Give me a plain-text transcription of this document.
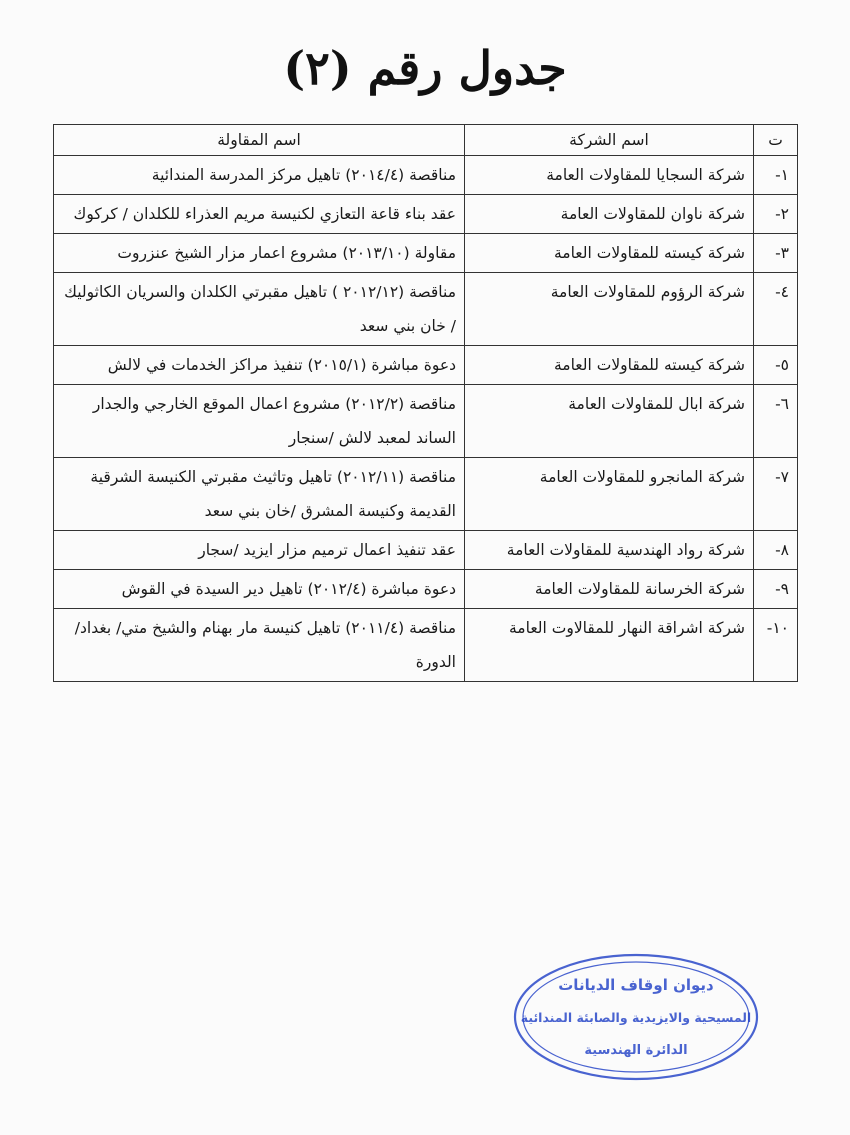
جدول رقم (٢)
ت	اسم الشركة	اسم المقاولة
١-	شركة السجايا للمقاولات العامة	مناقصة (٢٠١٤/٤) تاهيل مركز المدرسة المندائية
٢-	شركة ناوان للمقاولات العامة	عقد بناء قاعة التعازي لكنيسة مريم العذراء للكلدان / كركوك
٣-	شركة كيسته للمقاولات العامة	مقاولة (٢٠١٣/١٠) مشروع اعمار مزار الشيخ عنزروت
٤-	شركة الرؤوم للمقاولات العامة	مناقصة (٢٠١٢/١٢ ) تاهيل مقبرتي الكلدان والسريان الكاثوليك / خان بني سعد
٥-	شركة كيسته للمقاولات العامة	دعوة مباشرة (٢٠١٥/١) تنفيذ مراكز الخدمات في لالش
٦-	شركة ابال للمقاولات العامة	مناقصة (٢٠١٢/٢) مشروع اعمال الموقع الخارجي والجدار الساند لمعبد لالش /سنجار
٧-	شركة المانجرو للمقاولات العامة	مناقصة (٢٠١٢/١١) تاهيل وتاثيث مقبرتي الكنيسة الشرقية القديمة وكنيسة المشرق /خان بني سعد
٨-	شركة رواد الهندسية للمقاولات العامة	عقد تنفيذ اعمال ترميم مزار ايزيد /سجار
٩-	شركة الخرسانة للمقاولات العامة	دعوة مباشرة (٢٠١٢/٤) تاهيل دير السيدة في القوش
١٠-	شركة اشراقة النهار للمقالاوت العامة	مناقصة (٢٠١١/٤) تاهيل كنيسة مار بهنام والشيخ متي/ بغداد/ الدورة
ديوان اوقاف الديانات
المسيحية والايزيدية والصابئة المندائية
الدائرة الهندسية
